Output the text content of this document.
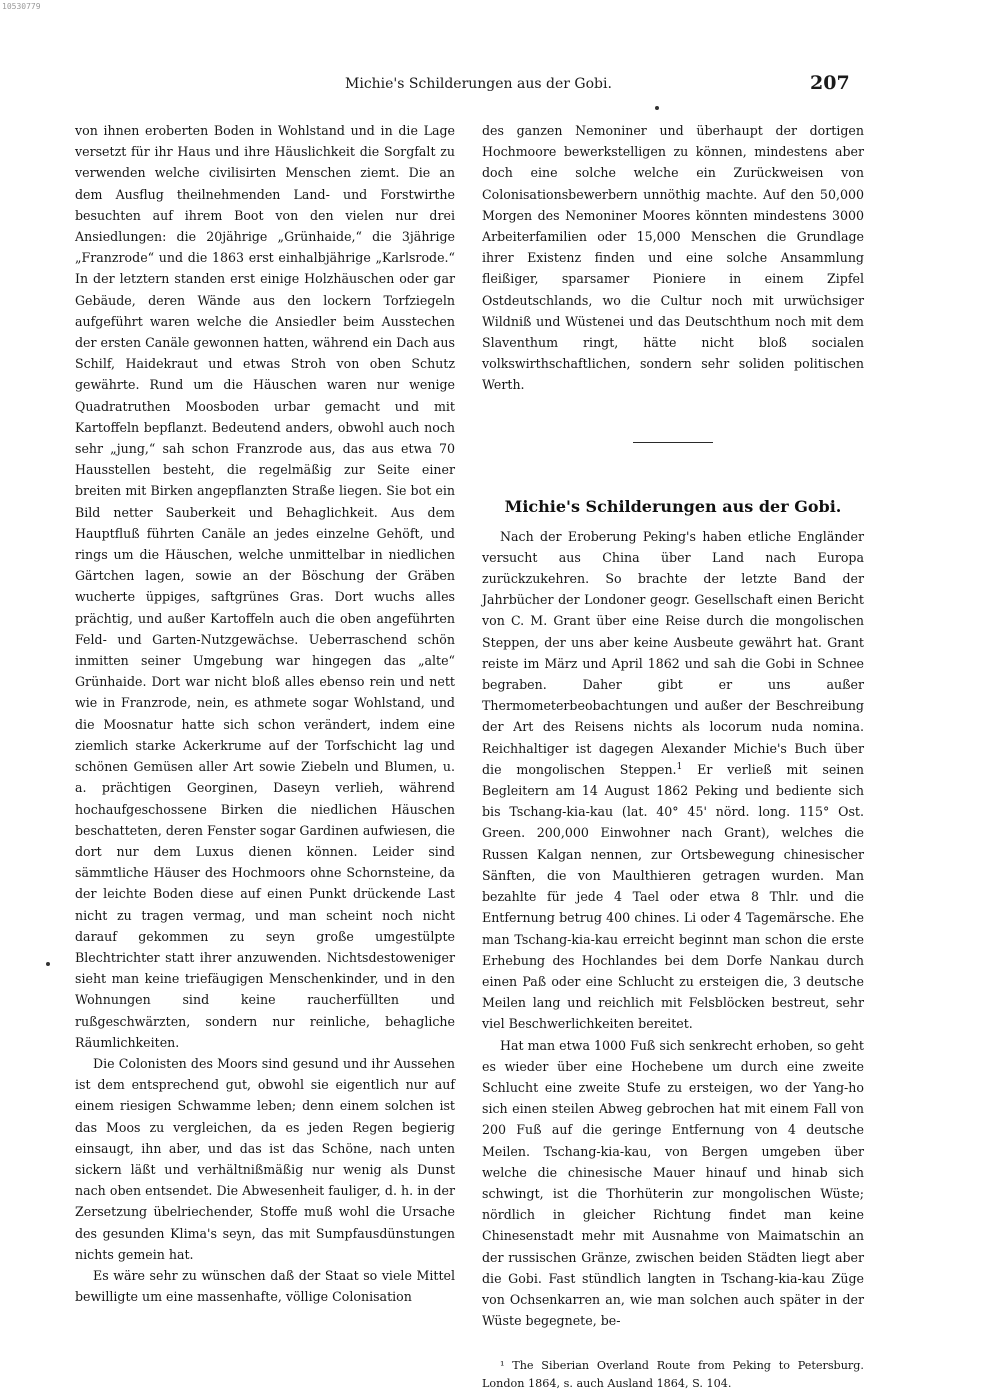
10530779
Michie's Schilderungen aus der Gobi.	207

von ihnen eroberten Boden in Wohlstand und in die Lage versetzt für ihr Haus und ihre Häuslichkeit die Sorgfalt zu verwenden welche civilisirten Menschen ziemt. Die an dem Ausflug theilnehmenden Land- und Forstwirthe besuchten auf ihrem Boot von den vielen nur drei Ansiedlungen: die 20jährige „Grünhaide,“ die 3jährige „Franzrode“ und die 1863 erst einhalbjährige „Karlsrode.“ In der letztern standen erst einige Holzhäuschen oder gar Gebäude, deren Wände aus den lockern Torfziegeln aufgeführt waren welche die Ansiedler beim Ausstechen der ersten Canäle gewonnen hatten, während ein Dach aus Schilf, Haidekraut und etwas Stroh von oben Schutz gewährte. Rund um die Häuschen waren nur wenige Quadratruthen Moosboden urbar gemacht und mit Kartoffeln bepflanzt. Bedeutend anders, obwohl auch noch sehr „jung,“ sah schon Franzrode aus, das aus etwa 70 Hausstellen besteht, die regelmäßig zur Seite einer breiten mit Birken angepflanzten Straße liegen. Sie bot ein Bild netter Sauberkeit und Behaglichkeit. Aus dem Hauptfluß führten Canäle an jedes einzelne Gehöft, und rings um die Häuschen, welche unmittelbar in niedlichen Gärtchen lagen, sowie an der Böschung der Gräben wucherte üppiges, saftgrünes Gras. Dort wuchs alles prächtig, und außer Kartoffeln auch die oben angeführten Feld- und Garten-Nutzgewächse. Ueberraschend schön inmitten seiner Umgebung war hingegen das „alte“ Grünhaide. Dort war nicht bloß alles ebenso rein und nett wie in Franzrode, nein, es athmete sogar Wohlstand, und die Moosnatur hatte sich schon verändert, indem eine ziemlich starke Ackerkrume auf der Torfschicht lag und schönen Gemüsen aller Art sowie Ziebeln und Blumen, u. a. prächtigen Georginen, Daseyn verlieh, während hochaufgeschossene Birken die niedlichen Häuschen beschatteten, deren Fenster sogar Gardinen aufwiesen, die dort nur dem Luxus dienen können. Leider sind sämmtliche Häuser des Hochmoors ohne Schornsteine, da der leichte Boden diese auf einen Punkt drückende Last nicht zu tragen vermag, und man scheint noch nicht darauf gekommen zu seyn große umgestülpte Blechtrichter statt ihrer anzuwenden. Nichtsdestoweniger sieht man keine triefäugigen Menschenkinder, und in den Wohnungen sind keine raucherfüllten und rußgeschwärzten, sondern nur reinliche, behagliche Räumlichkeiten.

Die Colonisten des Moors sind gesund und ihr Aussehen ist dem entsprechend gut, obwohl sie eigentlich nur auf einem riesigen Schwamme leben; denn einem solchen ist das Moos zu vergleichen, da es jeden Regen begierig einsaugt, ihn aber, und das ist das Schöne, nach unten sickern läßt und verhältnißmäßig nur wenig als Dunst nach oben entsendet. Die Abwesenheit fauliger, d. h. in der Zersetzung übelriechender, Stoffe muß wohl die Ursache des gesunden Klima's seyn, das mit Sumpfausdünstungen nichts gemein hat.

Es wäre sehr zu wünschen daß der Staat so viele Mittel bewilligte um eine massenhafte, völlige Colonisation

des ganzen Nemoniner und überhaupt der dortigen Hochmoore bewerkstelligen zu können, mindestens aber doch eine solche welche ein Zurückweisen von Colonisationsbewerbern unnöthig machte. Auf den 50,000 Morgen des Nemoniner Moores könnten mindestens 3000 Arbeiterfamilien oder 15,000 Menschen die Grundlage ihrer Existenz finden und eine solche Ansammlung fleißiger, sparsamer Pioniere in einem Zipfel Ostdeutschlands, wo die Cultur noch mit urwüchsiger Wildniß und Wüstenei und das Deutschthum noch mit dem Slaventhum ringt, hätte nicht bloß socialen volkswirthschaftlichen, sondern sehr soliden politischen Werth.

Michie's Schilderungen aus der Gobi.

Nach der Eroberung Peking's haben etliche Engländer versucht aus China über Land nach Europa zurückzukehren. So brachte der letzte Band der Jahrbücher der Londoner geogr. Gesellschaft einen Bericht von C. M. Grant über eine Reise durch die mongolischen Steppen, der uns aber keine Ausbeute gewährt hat. Grant reiste im März und April 1862 und sah die Gobi in Schnee begraben. Daher gibt er uns außer Thermometerbeobachtungen und außer der Beschreibung der Art des Reisens nichts als locorum nuda nomina. Reichhaltiger ist dagegen Alexander Michie's Buch über die mongolischen Steppen.$^1$ Er verließ mit seinen Begleitern am 14 August 1862 Peking und bediente sich bis Tschang-kia-kau (lat. 40° 45' nörd. long. 115° Ost. Green. 200,000 Einwohner nach Grant), welches die Russen Kalgan nennen, zur Ortsbewegung chinesischer Sänften, die von Maulthieren getragen wurden. Man bezahlte für jede 4 Tael oder etwa 8 Thlr. und die Entfernung betrug 400 chines. Li oder 4 Tagemärsche. Ehe man Tschang-kia-kau erreicht beginnt man schon die erste Erhebung des Hochlandes bei dem Dorfe Nankau durch einen Paß oder eine Schlucht zu ersteigen die, 3 deutsche Meilen lang und reichlich mit Felsblöcken bestreut, sehr viel Beschwerlichkeiten bereitet.

Hat man etwa 1000 Fuß sich senkrecht erhoben, so geht es wieder über eine Hochebene um durch eine zweite Schlucht eine zweite Stufe zu ersteigen, wo der Yang-ho sich einen steilen Abweg gebrochen hat mit einem Fall von 200 Fuß auf die geringe Entfernung von 4 deutsche Meilen. Tschang-kia-kau, von Bergen umgeben über welche die chinesische Mauer hinauf und hinab sich schwingt, ist die Thorhüterin zur mongolischen Wüste; nördlich in gleicher Richtung findet man keine Chinesenstadt mehr mit Ausnahme von Maimatschin an der russischen Gränze, zwischen beiden Städten liegt aber die Gobi. Fast stündlich langten in Tschang-kia-kau Züge von Ochsenkarren an, wie man solchen auch später in der Wüste begegnete, be-

¹ The Siberian Overland Route from Peking to Petersburg. London 1864, s. auch Ausland 1864, S. 104.
